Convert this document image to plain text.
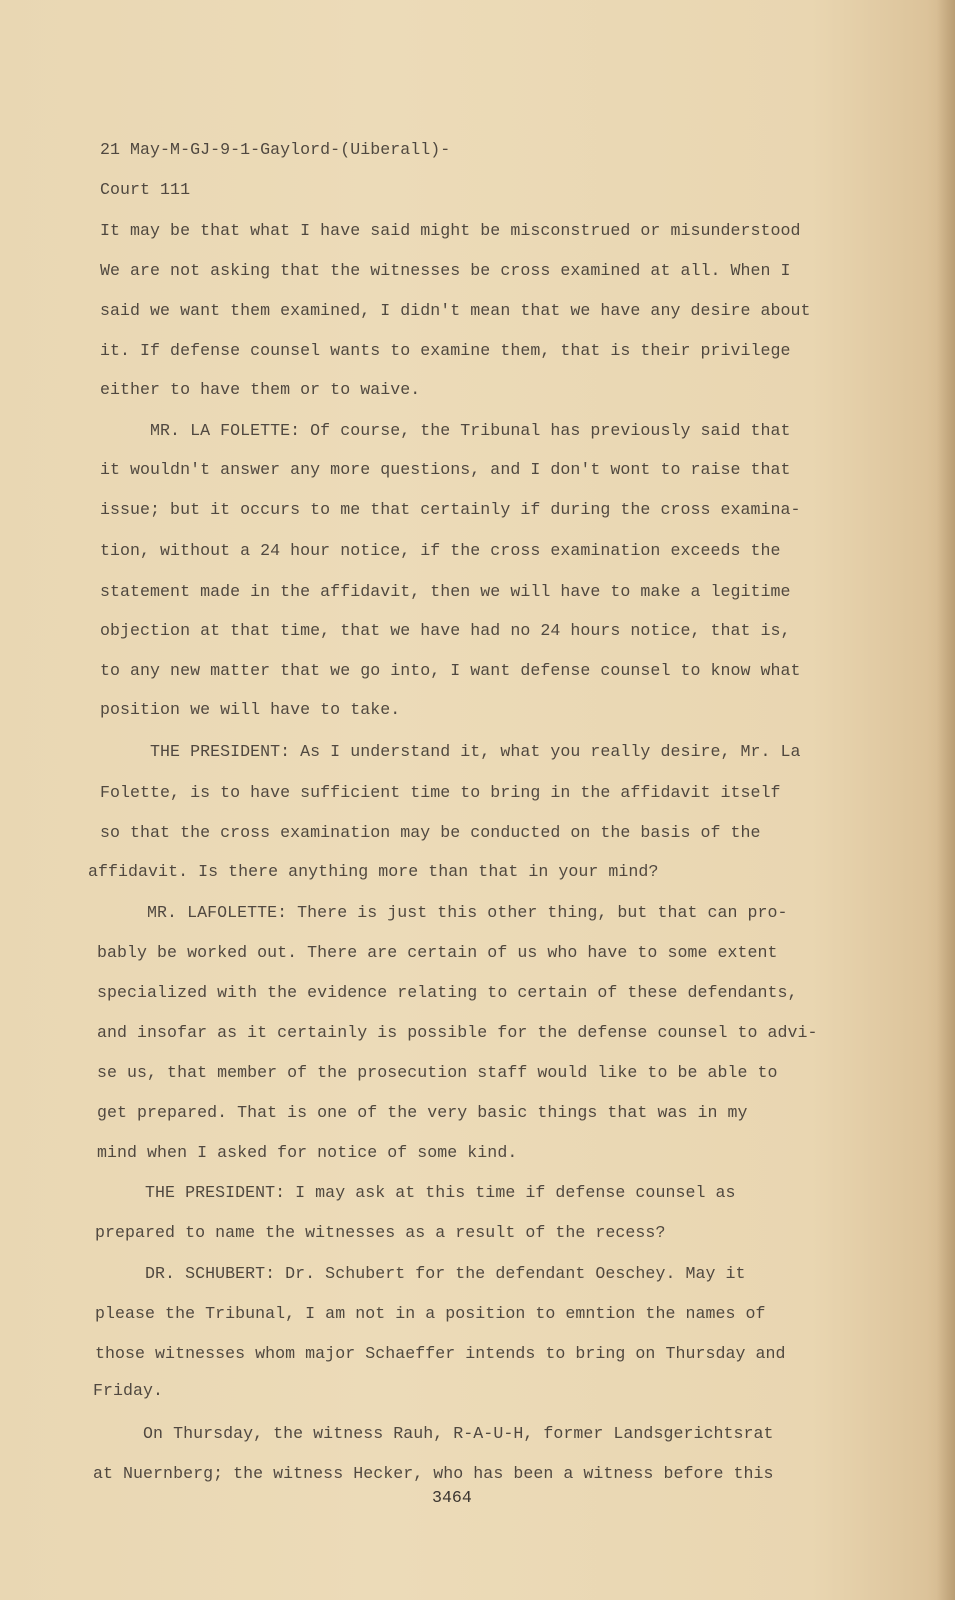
21 May-M-GJ-9-1-Gaylord-(Uiberall)-
Court 111
3464
It may be that what I have said might be misconstrued or misunderstood
We are not asking that the witnesses be cross examined at all. When I
said we want them examined, I didn't mean that we have any desire about
it. If defense counsel wants to examine them, that is their privilege
either to have them or to waive.
MR. LA FOLETTE: Of course, the Tribunal has previously said that
it wouldn't answer any more questions, and I don't wont to raise that
issue; but it occurs to me that certainly if during the cross examina-
tion, without a 24 hour notice, if the cross examination exceeds the
statement made in the affidavit, then we will have to make a legitime
objection at that time, that we have had no 24 hours notice, that is,
to any new matter that we go into, I want defense counsel to know what
position we will have to take.
THE PRESIDENT: As I understand it, what you really desire, Mr. La
Folette, is to have sufficient time to bring in the affidavit itself
so that the cross examination may be conducted on the basis of the
affidavit. Is there anything more than that in your mind?
MR. LAFOLETTE: There is just this other thing, but that can pro-
bably be worked out. There are certain of us who have to some extent
specialized with the evidence relating to certain of these defendants,
and insofar as it certainly is possible for the defense counsel to advi-
se us, that member of the prosecution staff would like to be able to
get prepared. That is one of the very basic things that was in my
mind when I asked for notice of some kind.
THE PRESIDENT: I may ask at this time if defense counsel as
prepared to name the witnesses as a result of the recess?
DR. SCHUBERT: Dr. Schubert for the defendant Oeschey. May it
please the Tribunal, I am not in a position to emntion the names of
those witnesses whom major Schaeffer intends to bring on Thursday and
Friday.
On Thursday, the witness Rauh, R-A-U-H, former Landsgerichtsrat
at Nuernberg; the witness Hecker, who has been a witness before this
